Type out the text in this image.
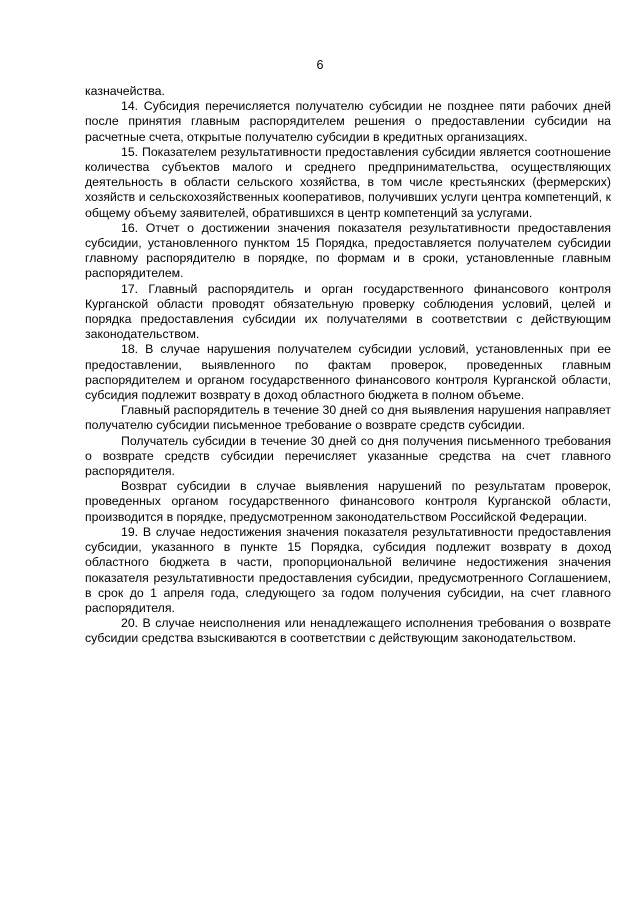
6

казначейства.

14. Субсидия перечисляется получателю субсидии не позднее пяти рабочих дней после принятия главным распорядителем решения о предоставлении субсидии на расчетные счета, открытые получателю субсидии в кредитных организациях.

15. Показателем результативности предоставления субсидии является соотношение количества субъектов малого и среднего предпринимательства, осуществляющих деятельность в области сельского хозяйства, в том числе крестьянских (фермерских) хозяйств и сельскохозяйственных кооперативов, получивших услуги центра компетенций, к общему объему заявителей, обратившихся в центр компетенций за услугами.

16. Отчет о достижении значения показателя результативности предоставления субсидии, установленного пунктом 15 Порядка, предоставляется получателем субсидии главному распорядителю в порядке, по формам и в сроки, установленные главным распорядителем.

17. Главный распорядитель и орган государственного финансового контроля Курганской области проводят обязательную проверку соблюдения условий, целей и порядка предоставления субсидии их получателями в соответствии с действующим законодательством.

18. В случае нарушения получателем субсидии условий, установленных при ее предоставлении, выявленного по фактам проверок, проведенных главным распорядителем и органом государственного финансового контроля Курганской области, субсидия подлежит возврату в доход областного бюджета в полном объеме.

Главный распорядитель в течение 30 дней со дня выявления нарушения направляет получателю субсидии письменное требование о возврате средств субсидии.

Получатель субсидии в течение 30 дней со дня получения письменного требования о возврате средств субсидии перечисляет указанные средства на счет главного распорядителя.

Возврат субсидии в случае выявления нарушений по результатам проверок, проведенных органом государственного финансового контроля Курганской области, производится в порядке, предусмотренном законодательством Российской Федерации.

19. В случае недостижения значения показателя результативности предоставления субсидии, указанного в пункте 15 Порядка, субсидия подлежит возврату в доход областного бюджета в части, пропорциональной величине недостижения значения показателя результативности предоставления субсидии, предусмотренного Соглашением, в срок до 1 апреля года, следующего за годом получения субсидии, на счет главного распорядителя.

20. В случае неисполнения или ненадлежащего исполнения требования о возврате субсидии средства взыскиваются в соответствии с действующим законодательством.
